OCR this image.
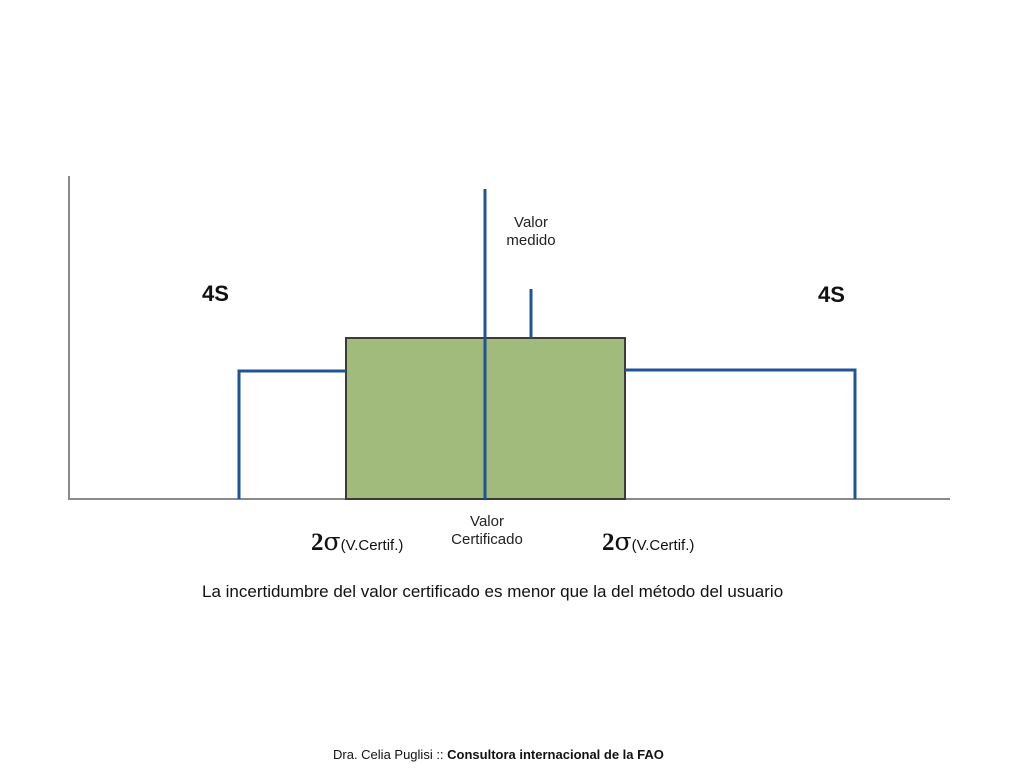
Valor
medido
4S	4S
Valor
Certificado
2σ(V.Certif.)	2σ(V.Certif.)
La incertidumbre del valor certificado es menor que la del método del usuario
Dra. Celia Puglisi :: Consultora internacional de la FAO
